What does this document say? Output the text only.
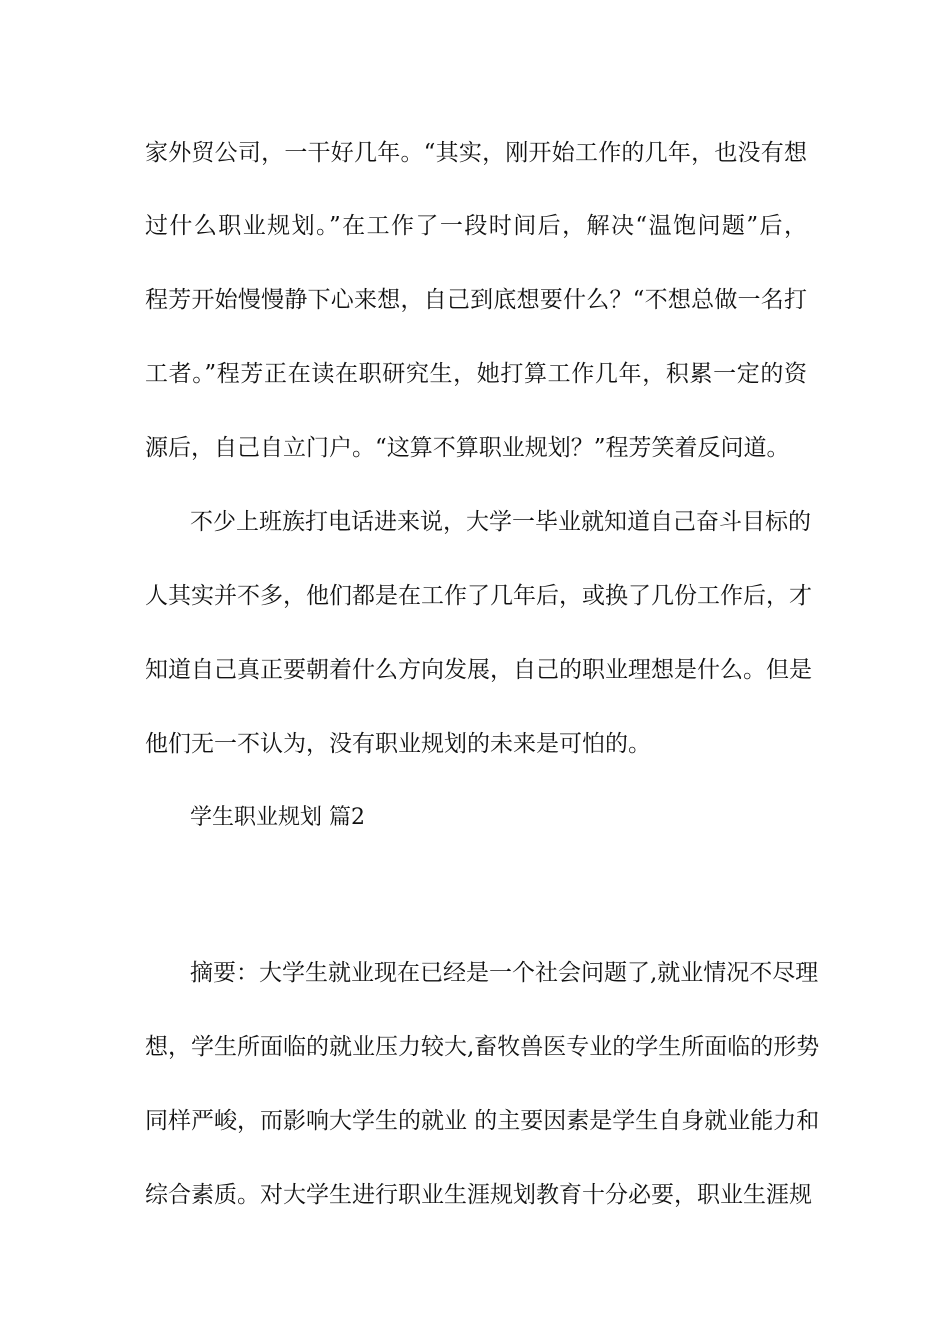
家外贸公司，一干好几年。“其实，刚开始工作的几年，也没有想
过什么职业规划。”在工作了一段时间后，解决“温饱问题”后，
程芳开始慢慢静下心来想，自己到底想要什么？“不想总做一名打
工者。”程芳正在读在职研究生，她打算工作几年，积累一定的资
源后，自己自立门户。“这算不算职业规划？”程芳笑着反问道。
不少上班族打电话进来说，大学一毕业就知道自己奋斗目标的
人其实并不多，他们都是在工作了几年后，或换了几份工作后，才
知道自己真正要朝着什么方向发展，自己的职业理想是什么。但是
他们无一不认为，没有职业规划的未来是可怕的。
学生职业规划 篇2
摘要：大学生就业现在已经是一个社会问题了,就业情况不尽理
想，学生所面临的就业压力较大,畜牧兽医专业的学生所面临的形势
同样严峻，而影响大学生的就业 的主要因素是学生自身就业能力和
综合素质。对大学生进行职业生涯规划教育十分必要，职业生涯规
